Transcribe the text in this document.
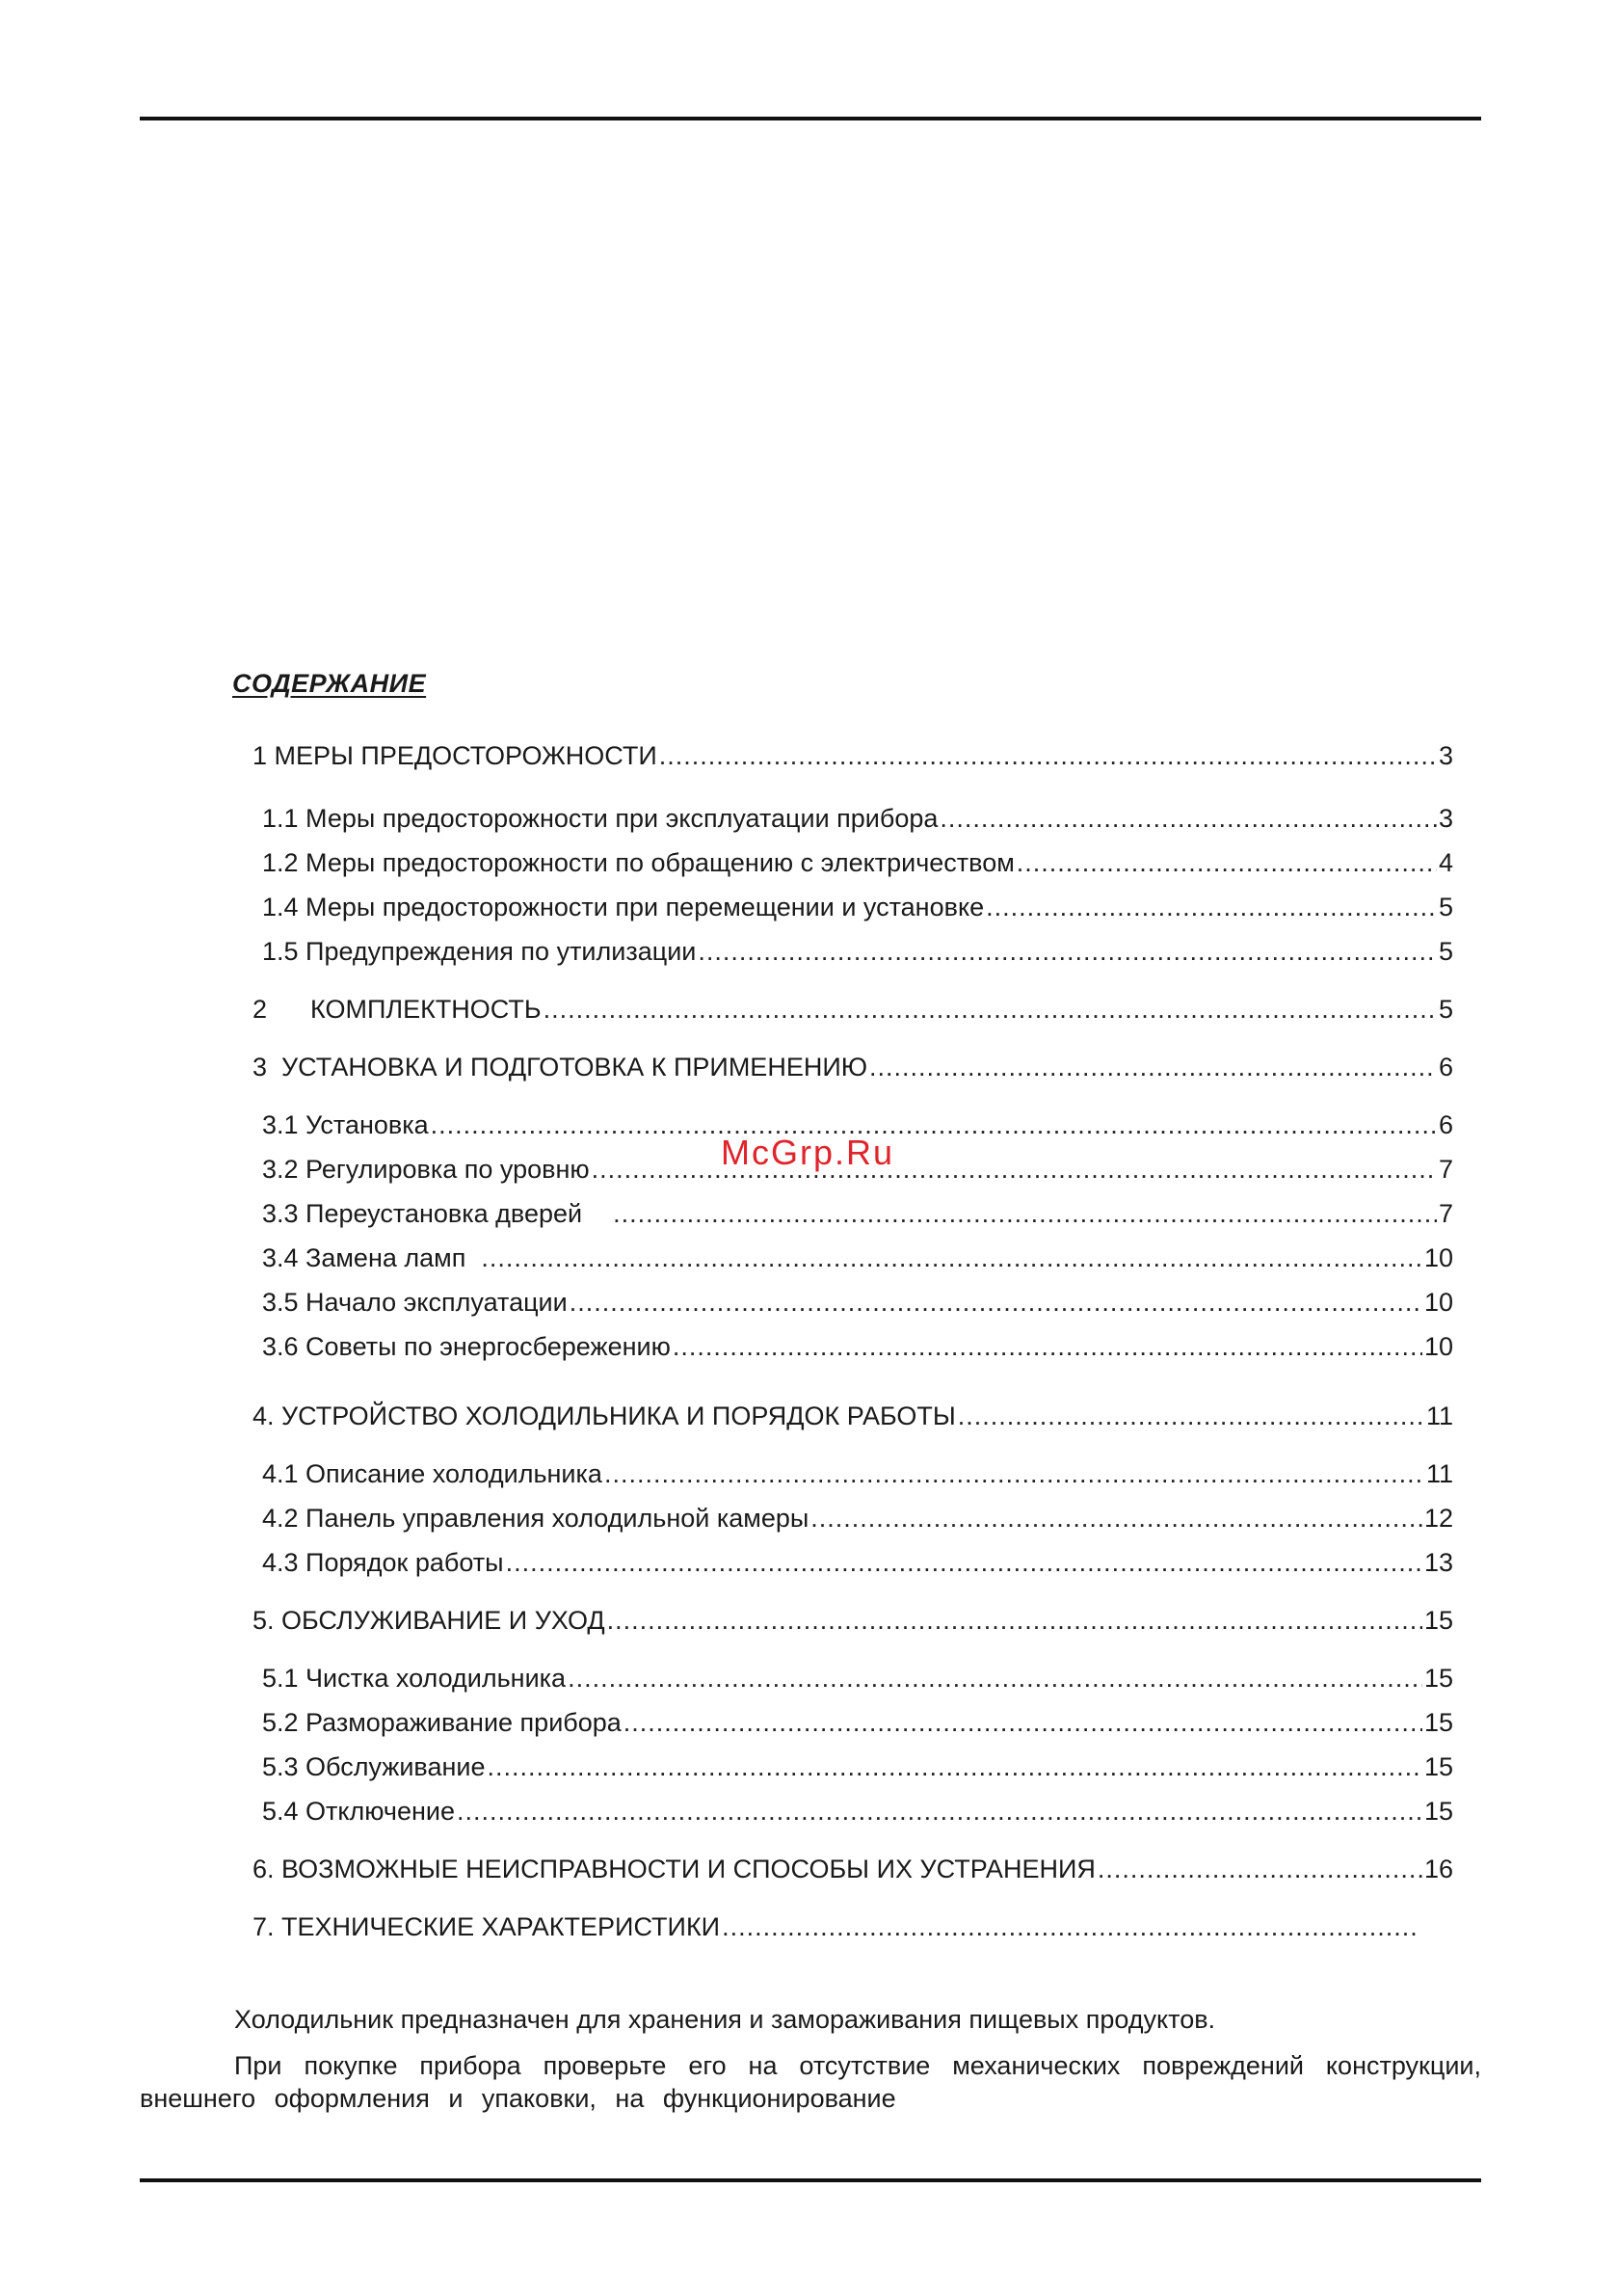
СОДЕРЖАНИЕ
1 МЕРЫ ПРЕДОСТОРОЖНОСТИ .....	3
1.1 Меры предосторожности при эксплуатации прибора .....	3
1.2 Меры предосторожности по обращению с электричеством .....	4
1.4 Меры предосторожности при перемещении и установке .....	5
1.5 Предупреждения по утилизации .....	5
2      КОМПЛЕКТНОСТЬ .....	5
3  УСТАНОВКА И ПОДГОТОВКА К ПРИМЕНЕНИЮ .....	6
3.1 Установка .....	6
3.2 Регулировка по уровню .....	7
3.3 Переустановка дверей .....	7
3.4 Замена ламп .....	10
3.5 Начало эксплуатации .....	10
3.6 Советы по энергосбережению .....	10
4. УСТРОЙСТВО ХОЛОДИЛЬНИКА И ПОРЯДОК РАБОТЫ .....	11
4.1 Описание холодильника .....	11
4.2 Панель управления холодильной камеры .....	12
4.3 Порядок работы .....	13
5. ОБСЛУЖИВАНИЕ И УХОД .....	15
5.1 Чистка холодильника .....	15
5.2 Размораживание прибора .....	15
5.3 Обслуживание .....	15
5.4 Отключение .....	15
6. ВОЗМОЖНЫЕ НЕИСПРАВНОСТИ И СПОСОБЫ ИХ УСТРАНЕНИЯ .....	16
7. ТЕХНИЧЕСКИЕ ХАРАКТЕРИСТИКИ
.....
McGrp.Ru
Холодильник предназначен для хранения и замораживания пищевых продуктов.
При покупке прибора проверьте его на отсутствие механических повреждений конструкции, внешнего оформления и упаковки, на функционирование
